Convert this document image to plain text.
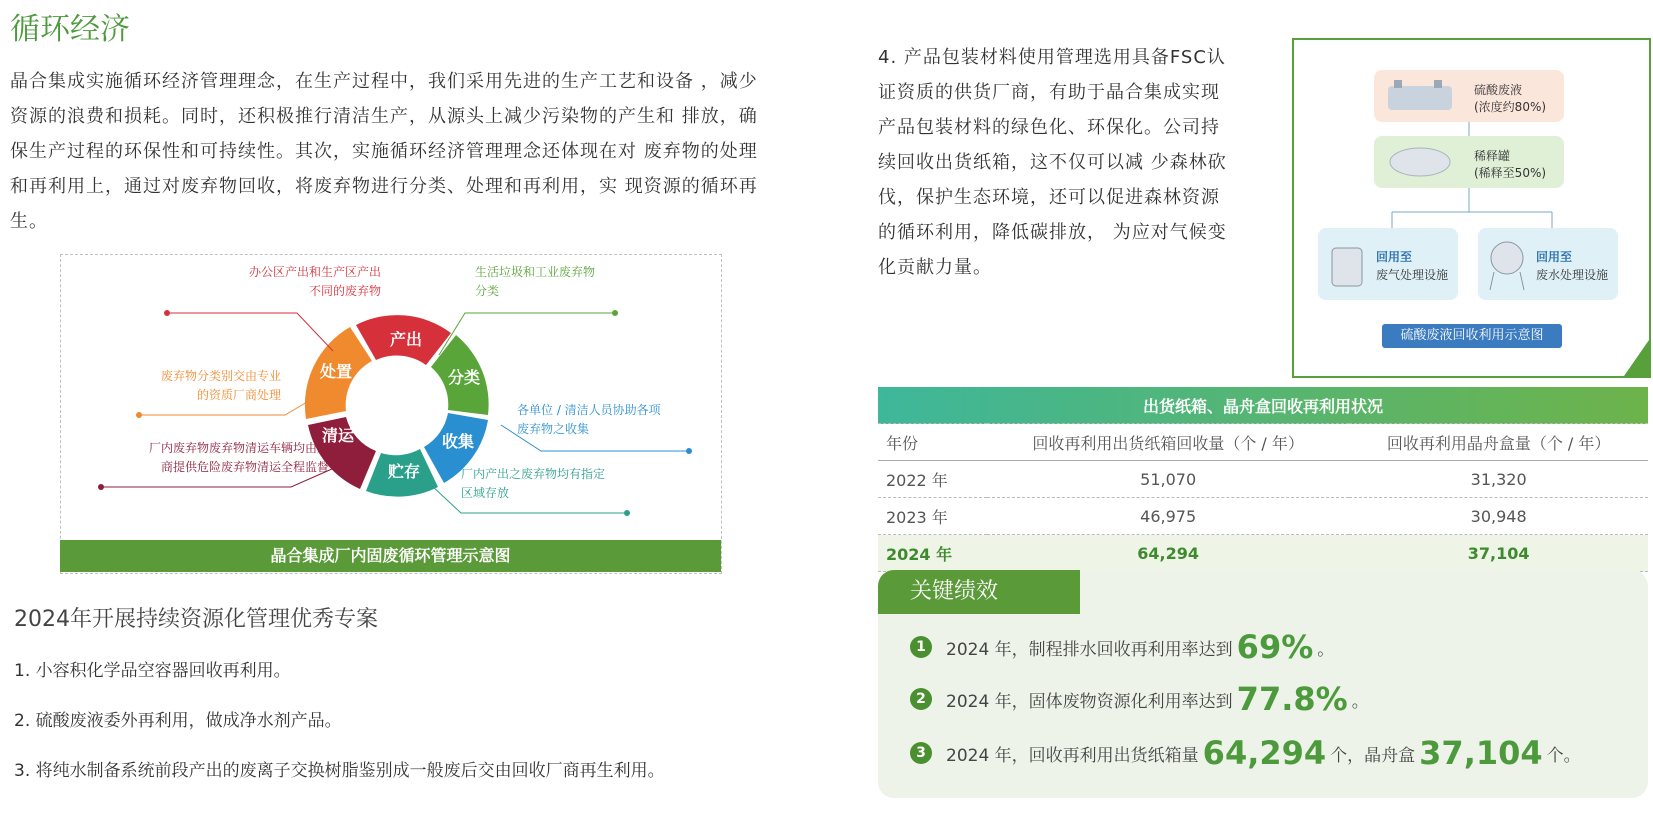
循环经济
晶合集成实施循环经济管理理念，在生产过程中，我们采用先进的生产工艺和设备 ，减少资源的浪费和损耗。同时，还积极推行清洁生产，从源头上减少污染物的产生和 排放，确保生产过程的环保性和可持续性。其次，实施循环经济管理理念还体现在对 废弃物的处理和再利用上，通过对废弃物回收，将废弃物进行分类、处理和再利用，实 现资源的循环再生。
产出
分类
收集
贮存
清运
处置
办公区产出和生产区产出
不同的废弃物
生活垃圾和工业废弃物
分类
各单位 / 清洁人员协助各项
废弃物之收集
厂内产出之废弃物均有指定
区域存放
厂内废弃物废弃物清运车辆均由厂
商提供危险废弃物清运全程监督
废弃物分类别交由专业
的资质厂商处理
晶合集成厂内固废循环管理示意图
2024年开展持续资源化管理优秀专案
1. 小容积化学品空容器回收再利用。
2. 硫酸废液委外再利用，做成净水剂产品。
3. 将纯水制备系统前段产出的废离子交换树脂鉴别成一般废后交由回收厂商再生利用。
4. 产品包装材料使用管理选用具备FSC认证资质的供货厂商，有助于晶合集成实现产品包装材料的绿色化、环保化。公司持续回收出货纸箱，这不仅可以减 少森林砍伐，保护生态环境，还可以促进森林资源的循环利用，降低碳排放， 为应对气候变化贡献力量。
硫酸废液
(浓度约80%)
稀释罐
(稀释至50%)
回用至
废气处理设施
回用至
废水处理设施
硫酸废液回收利用示意图
出货纸箱、晶舟盒回收再利用状况		
年份	回收再利用出货纸箱回收量（个 / 年）	回收再利用晶舟盒量（个 / 年）
2022 年	51,070	31,320
2023 年	46,975	30,948
2024 年	64,294	37,104
关键绩效
1	2024 年，制程排水回收再利用率达到 69% 。
2	2024 年，固体废物资源化利用率达到 77.8% 。
3	2024 年，回收再利用出货纸箱量 64,294 个，晶舟盒 37,104 个。
